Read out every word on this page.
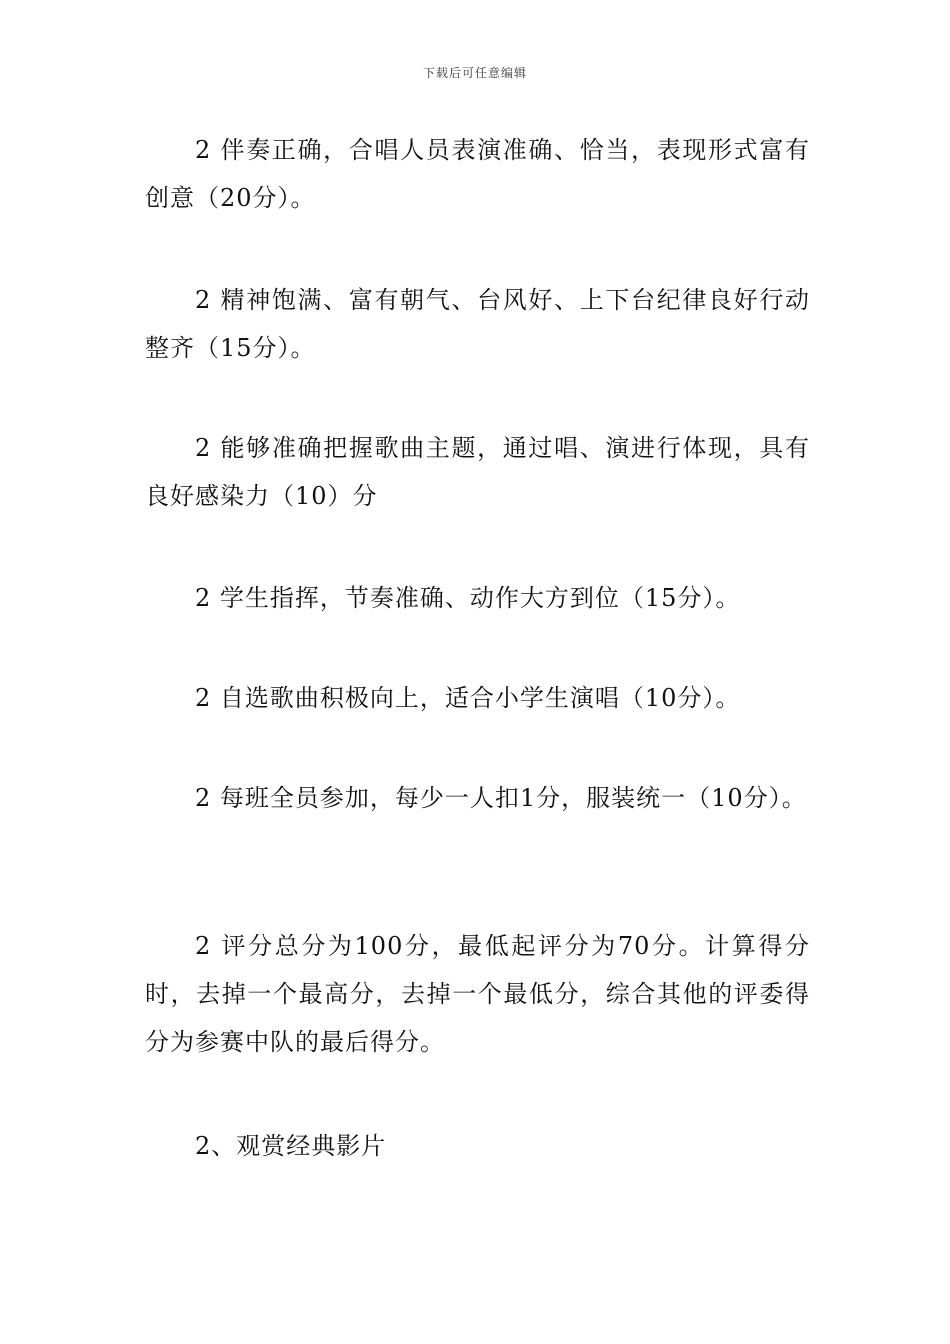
下载后可任意编辑

2 伴奏正确，合唱人员表演准确、恰当，表现形式富有创意（20分）。

2 精神饱满、富有朝气、台风好、上下台纪律良好行动整齐（15分）。

2 能够准确把握歌曲主题，通过唱、演进行体现，具有良好感染力（10）分

2 学生指挥，节奏准确、动作大方到位（15分）。

2 自选歌曲积极向上，适合小学生演唱（10分）。

2 每班全员参加，每少一人扣1分，服装统一（10分）。

2 评分总分为100分，最低起评分为70分。计算得分时，去掉一个最高分，去掉一个最低分，综合其他的评委得分为参赛中队的最后得分。

2、观赏经典影片
